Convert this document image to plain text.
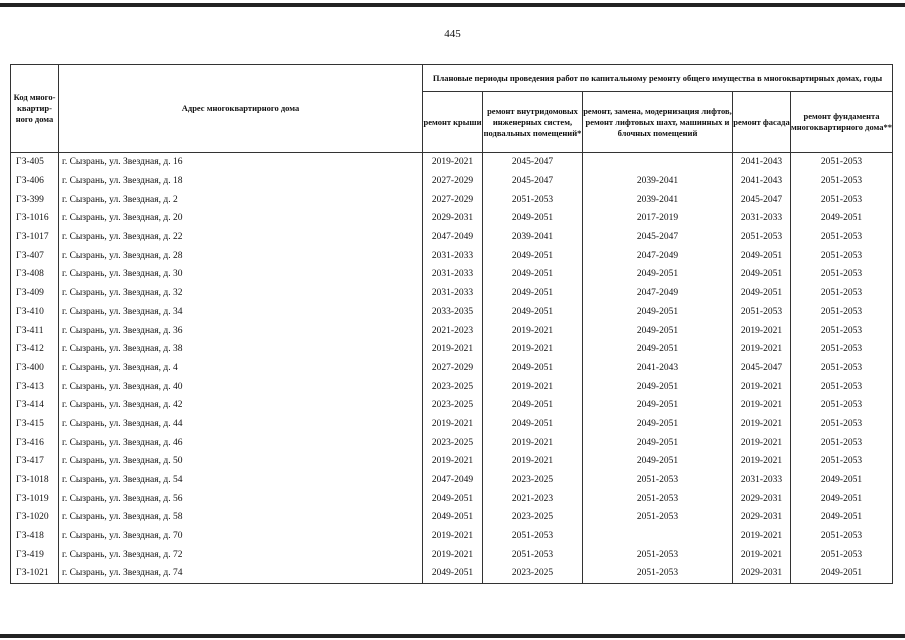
445
Код много-квартир-ного дома	Адрес многоквартирного дома	Плановые периоды проведения работ по капитальному ремонту общего имущества в многоквартирных домах, годы				
		ремонт крыши	ремонт внутридомовых инженерных систем, подвальных помещений*	ремонт, замена, модернизация лифтов, ремонт лифтовых шахт, машинных и блочных помещений	ремонт фасада	ремонт фундамента многоквартирного дома**
ГЗ-405	г. Сызрань, ул. Звездная, д. 16	2019-2021	2045-2047		2041-2043	2051-2053
ГЗ-406	г. Сызрань, ул. Звездная, д. 18	2027-2029	2045-2047	2039-2041	2041-2043	2051-2053
ГЗ-399	г. Сызрань, ул. Звездная, д. 2	2027-2029	2051-2053	2039-2041	2045-2047	2051-2053
ГЗ-1016	г. Сызрань, ул. Звездная, д. 20	2029-2031	2049-2051	2017-2019	2031-2033	2049-2051
ГЗ-1017	г. Сызрань, ул. Звездная, д. 22	2047-2049	2039-2041	2045-2047	2051-2053	2051-2053
ГЗ-407	г. Сызрань, ул. Звездная, д. 28	2031-2033	2049-2051	2047-2049	2049-2051	2051-2053
ГЗ-408	г. Сызрань, ул. Звездная, д. 30	2031-2033	2049-2051	2049-2051	2049-2051	2051-2053
ГЗ-409	г. Сызрань, ул. Звездная, д. 32	2031-2033	2049-2051	2047-2049	2049-2051	2051-2053
ГЗ-410	г. Сызрань, ул. Звездная, д. 34	2033-2035	2049-2051	2049-2051	2051-2053	2051-2053
ГЗ-411	г. Сызрань, ул. Звездная, д. 36	2021-2023	2019-2021	2049-2051	2019-2021	2051-2053
ГЗ-412	г. Сызрань, ул. Звездная, д. 38	2019-2021	2019-2021	2049-2051	2019-2021	2051-2053
ГЗ-400	г. Сызрань, ул. Звездная, д. 4	2027-2029	2049-2051	2041-2043	2045-2047	2051-2053
ГЗ-413	г. Сызрань, ул. Звездная, д. 40	2023-2025	2019-2021	2049-2051	2019-2021	2051-2053
ГЗ-414	г. Сызрань, ул. Звездная, д. 42	2023-2025	2049-2051	2049-2051	2019-2021	2051-2053
ГЗ-415	г. Сызрань, ул. Звездная, д. 44	2019-2021	2049-2051	2049-2051	2019-2021	2051-2053
ГЗ-416	г. Сызрань, ул. Звездная, д. 46	2023-2025	2019-2021	2049-2051	2019-2021	2051-2053
ГЗ-417	г. Сызрань, ул. Звездная, д. 50	2019-2021	2019-2021	2049-2051	2019-2021	2051-2053
ГЗ-1018	г. Сызрань, ул. Звездная, д. 54	2047-2049	2023-2025	2051-2053	2031-2033	2049-2051
ГЗ-1019	г. Сызрань, ул. Звездная, д. 56	2049-2051	2021-2023	2051-2053	2029-2031	2049-2051
ГЗ-1020	г. Сызрань, ул. Звездная, д. 58	2049-2051	2023-2025	2051-2053	2029-2031	2049-2051
ГЗ-418	г. Сызрань, ул. Звездная, д. 70	2019-2021	2051-2053		2019-2021	2051-2053
ГЗ-419	г. Сызрань, ул. Звездная, д. 72	2019-2021	2051-2053	2051-2053	2019-2021	2051-2053
ГЗ-1021	г. Сызрань, ул. Звездная, д. 74	2049-2051	2023-2025	2051-2053	2029-2031	2049-2051
